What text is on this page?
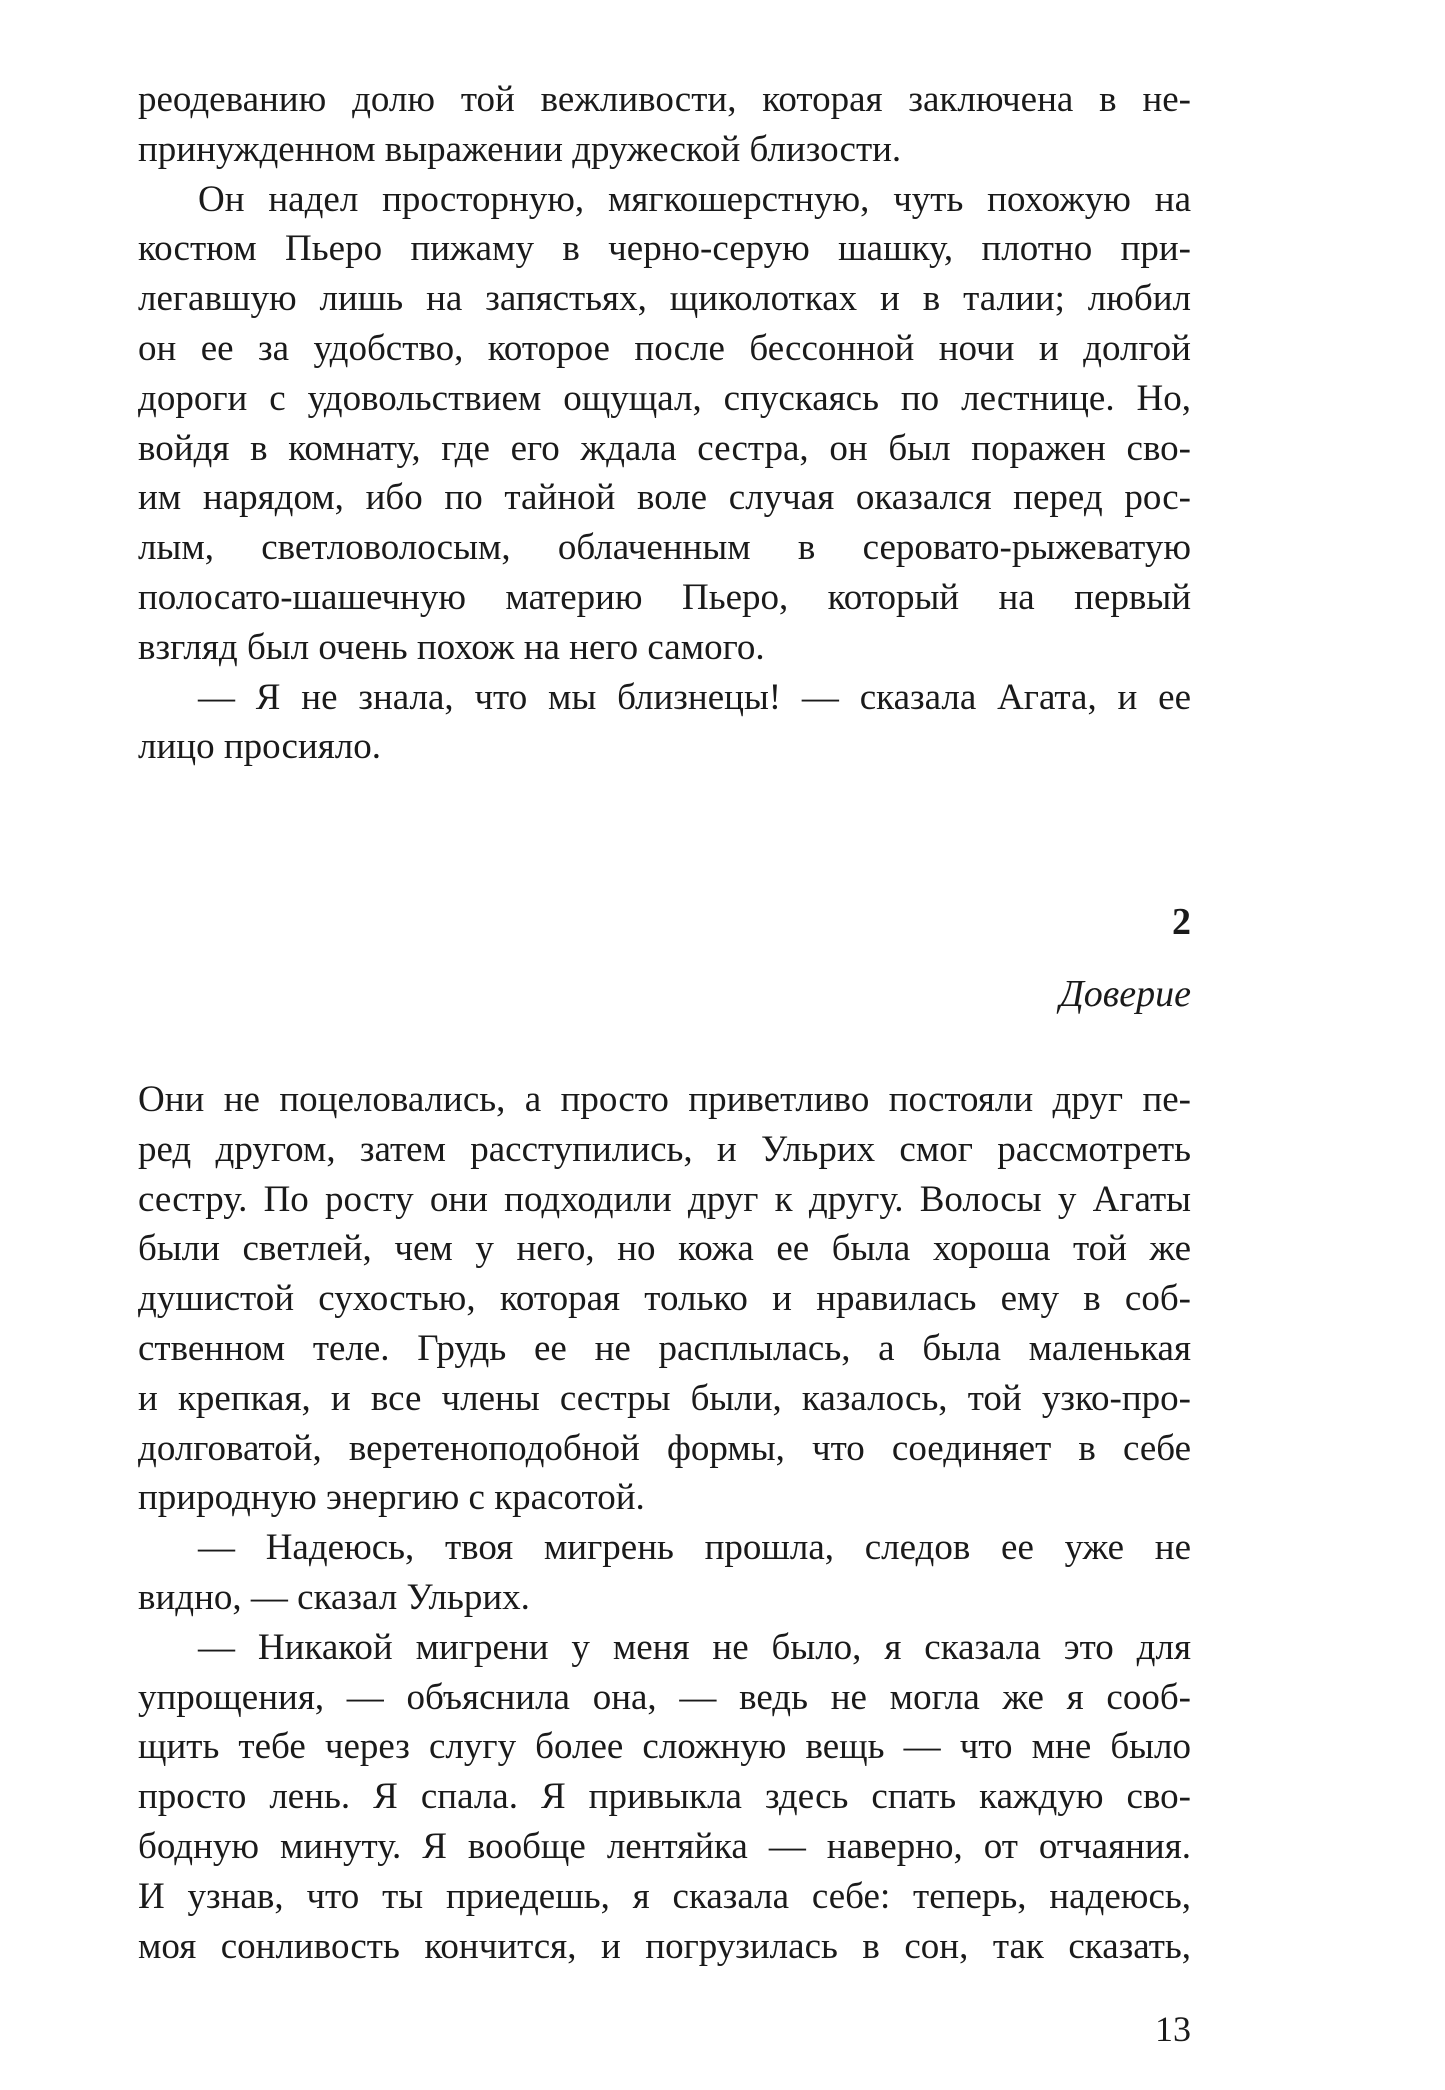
реодеванию долю той вежливости, которая заключена в не-
принужденном выражении дружеской близости.
Он надел просторную, мягкошерстную, чуть похожую на
костюм Пьеро пижаму в черно-серую шашку, плотно при-
легавшую лишь на запястьях, щиколотках и в талии; любил
он ее за удобство, которое после бессонной ночи и долгой
дороги с удовольствием ощущал, спускаясь по лестнице. Но,
войдя в комнату, где его ждала сестра, он был поражен сво-
им нарядом, ибо по тайной воле случая оказался перед рос-
лым, светловолосым, облаченным в серовато-рыжеватую
полосато-шашечную материю Пьеро, который на первый
взгляд был очень похож на него самого.
— Я не знала, что мы близнецы! — сказала Агата, и ее
лицо просияло.
2
Доверие
Они не поцеловались, а просто приветливо постояли друг пе-
ред другом, затем расступились, и Ульрих смог рассмотреть
сестру. По росту они подходили друг к другу. Волосы у Агаты
были светлей, чем у него, но кожа ее была хороша той же
душистой сухостью, которая только и нравилась ему в соб-
ственном теле. Грудь ее не расплылась, а была маленькая
и крепкая, и все члены сестры были, казалось, той узко-про-
долговатой, веретеноподобной формы, что соединяет в себе
природную энергию с красотой.
— Надеюсь, твоя мигрень прошла, следов ее уже не
видно, — сказал Ульрих.
— Никакой мигрени у меня не было, я сказала это для
упрощения, — объяснила она, — ведь не могла же я сооб-
щить тебе через слугу более сложную вещь — что мне было
просто лень. Я спала. Я привыкла здесь спать каждую сво-
бодную минуту. Я вообще лентяйка — наверно, от отчаяния.
И узнав, что ты приедешь, я сказала себе: теперь, надеюсь,
моя сонливость кончится, и погрузилась в сон, так сказать,
13
